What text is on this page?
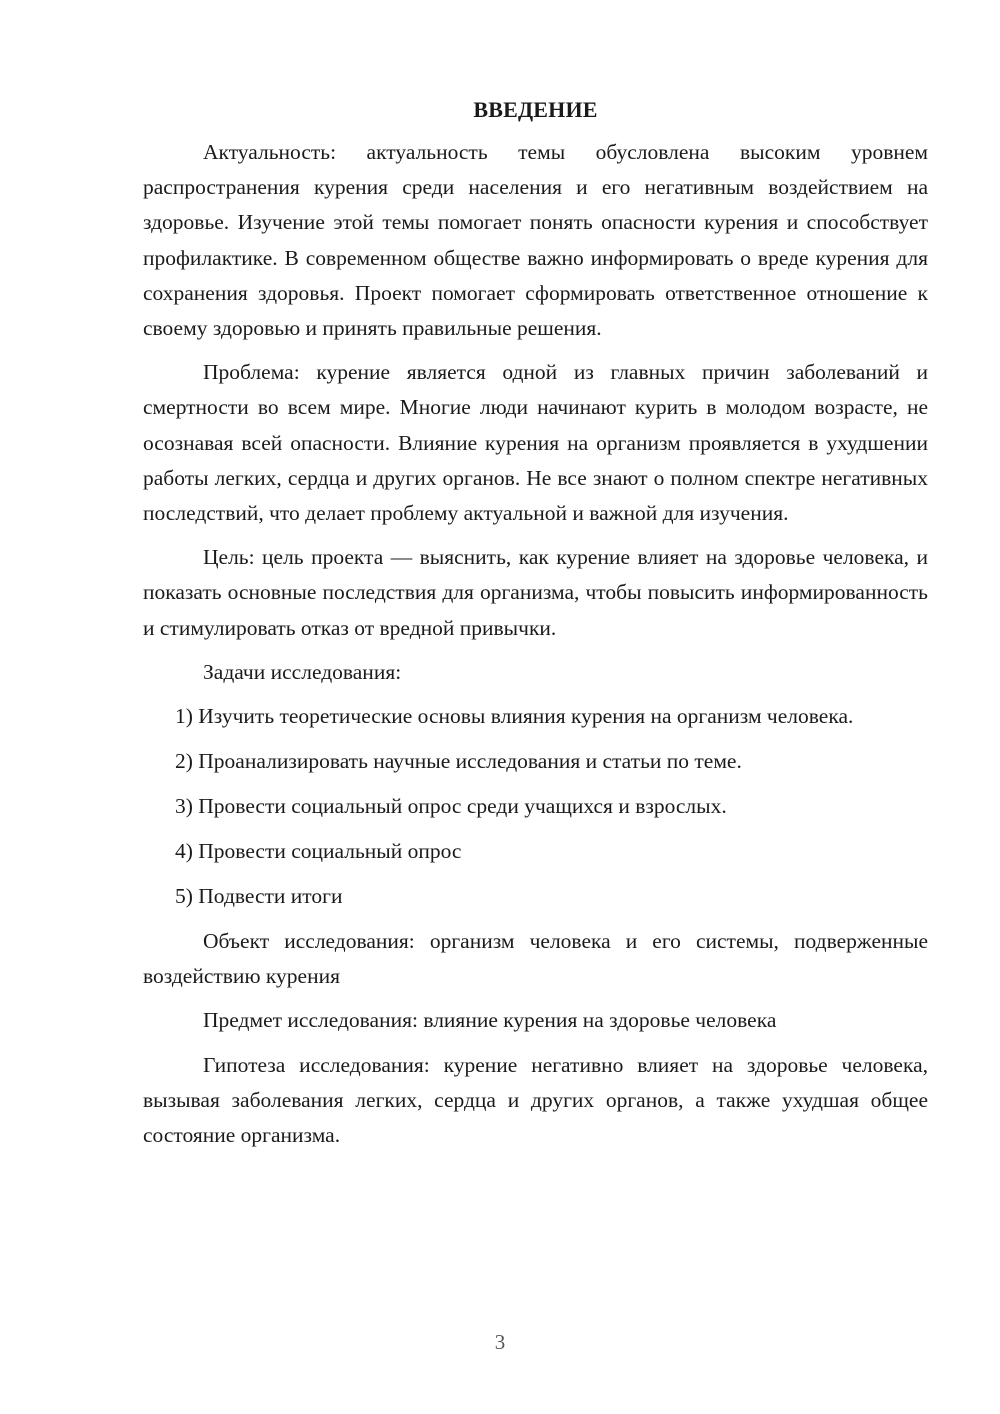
ВВЕДЕНИЕ

Актуальность: актуальность темы обусловлена высоким уровнем распространения курения среди населения и его негативным воздействием на здоровье. Изучение этой темы помогает понять опасности курения и способствует профилактике. В современном обществе важно информировать о вреде курения для сохранения здоровья. Проект помогает сформировать ответственное отношение к своему здоровью и принять правильные решения.

Проблема: курение является одной из главных причин заболеваний и смертности во всем мире. Многие люди начинают курить в молодом возрасте, не осознавая всей опасности. Влияние курения на организм проявляется в ухудшении работы легких, сердца и других органов. Не все знают о полном спектре негативных последствий, что делает проблему актуальной и важной для изучения.

Цель: цель проекта — выяснить, как курение влияет на здоровье человека, и показать основные последствия для организма, чтобы повысить информированность и стимулировать отказ от вредной привычки.

Задачи исследования:

1) Изучить теоретические основы влияния курения на организм человека.

2) Проанализировать научные исследования и статьи по теме.

3) Провести социальный опрос среди учащихся и взрослых.

4) Провести социальный опрос

5) Подвести итоги

Объект исследования: организм человека и его системы, подверженные воздействию курения

Предмет исследования: влияние курения на здоровье человека

Гипотеза исследования: курение негативно влияет на здоровье человека, вызывая заболевания легких, сердца и других органов, а также ухудшая общее состояние организма.

3
